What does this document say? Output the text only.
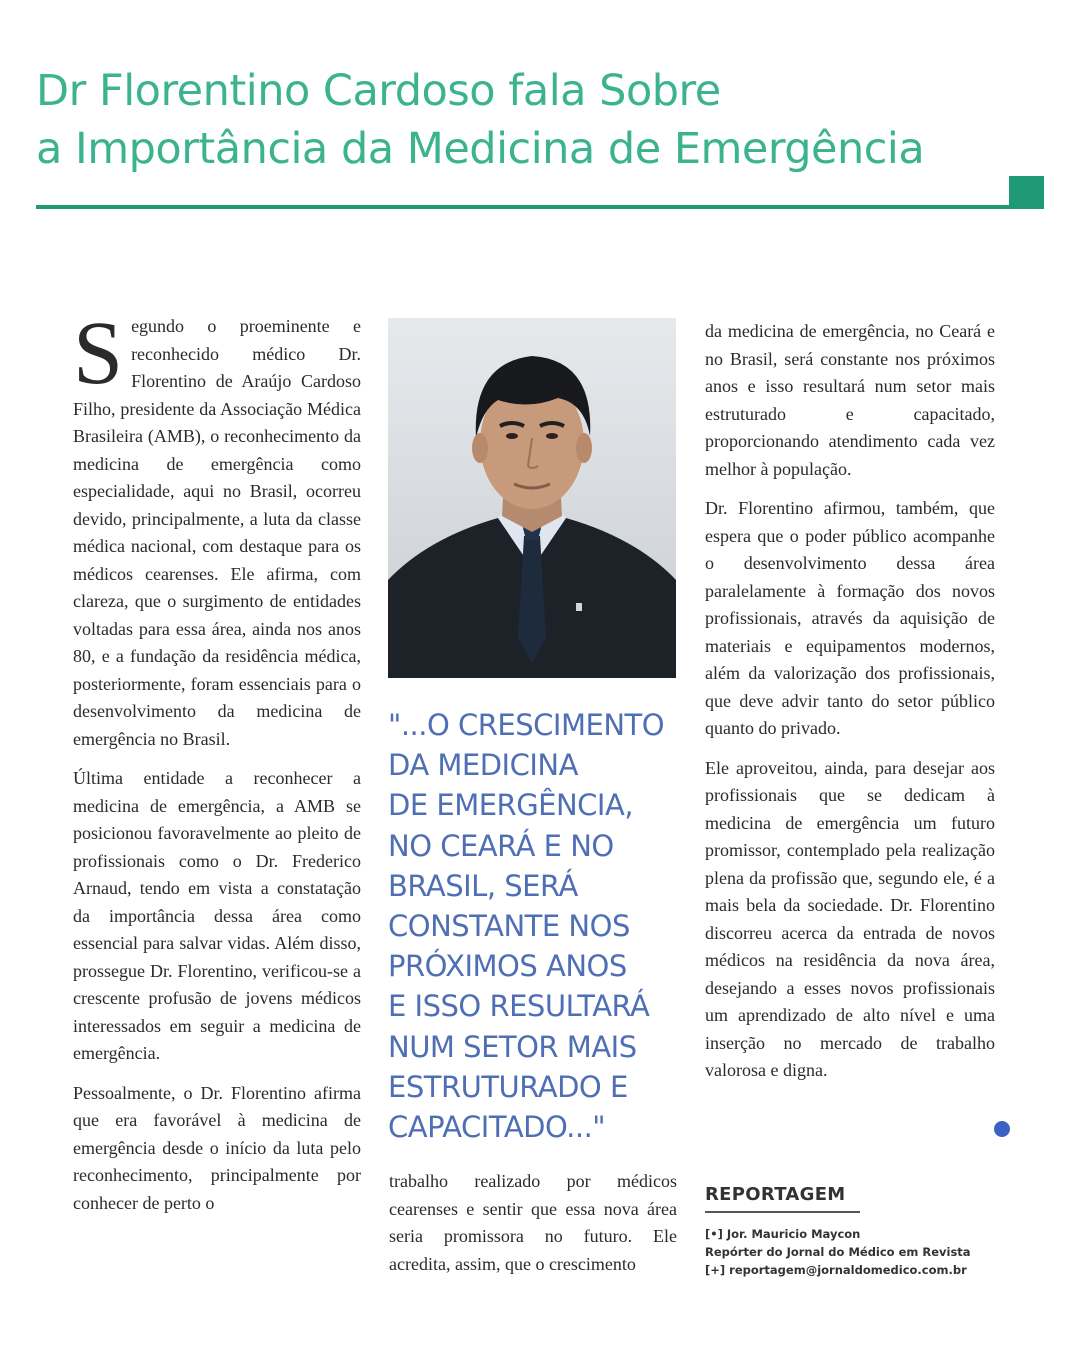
Dr Florentino Cardoso fala Sobre
a Importância da Medicina de Emergência

Segundo o proeminente e reconhecido médico Dr. Florentino de Araújo Cardoso Filho, presidente da Associação Médica Brasileira (AMB), o reconhecimento da medicina de emergência como especialidade, aqui no Brasil, ocorreu devido, principalmente, a luta da classe médica nacional, com destaque para os médicos cearenses. Ele afirma, com clareza, que o surgimento de entidades voltadas para essa área, ainda nos anos 80, e a fundação da residência médica, posteriormente, foram essenciais para o desenvolvimento da medicina de emergência no Brasil.

Última entidade a reconhecer a medicina de emergência, a AMB se posicionou favoravelmente ao pleito de profissionais como o Dr. Frederico Arnaud, tendo em vista a constatação da importância dessa área como essencial para salvar vidas. Além disso, prossegue Dr. Florentino, verificou-se a crescente profusão de jovens médicos interessados em seguir a medicina de emergência.

Pessoalmente, o Dr. Florentino afirma que era favorável à medicina de emergência desde o início da luta pelo reconhecimento, principalmente por conhecer de perto o

"...O CRESCIMENTO
DA MEDICINA
DE EMERGÊNCIA,
NO CEARÁ E NO
BRASIL, SERÁ
CONSTANTE NOS
PRÓXIMOS ANOS
E ISSO RESULTARÁ
NUM SETOR MAIS
ESTRUTURADO E
CAPACITADO..."

trabalho realizado por médicos cearenses e sentir que essa nova área seria promissora no futuro. Ele acredita, assim, que o crescimento

da medicina de emergência, no Ceará e no Brasil, será constante nos próximos anos e isso resultará num setor mais estruturado e capacitado, proporcionando atendimento cada vez melhor à população.

Dr. Florentino afirmou, também, que espera que o poder público acompanhe o desenvolvimento dessa área paralelamente à formação dos novos profissionais, através da aquisição de materiais e equipamentos modernos, além da valorização dos profissionais, que deve advir tanto do setor público quanto do privado.

Ele aproveitou, ainda, para desejar aos profissionais que se dedicam à medicina de emergência um futuro promissor, contemplado pela realização plena da profissão que, segundo ele, é a mais bela da sociedade. Dr. Florentino discorreu acerca da entrada de novos médicos na residência da nova área, desejando a esses novos profissionais um aprendizado de alto nível e uma inserção no mercado de trabalho valorosa e digna.

REPORTAGEM
[•] Jor. Mauricio Maycon
Repórter do Jornal do Médico em Revista
[+] reportagem@jornaldomedico.com.br
